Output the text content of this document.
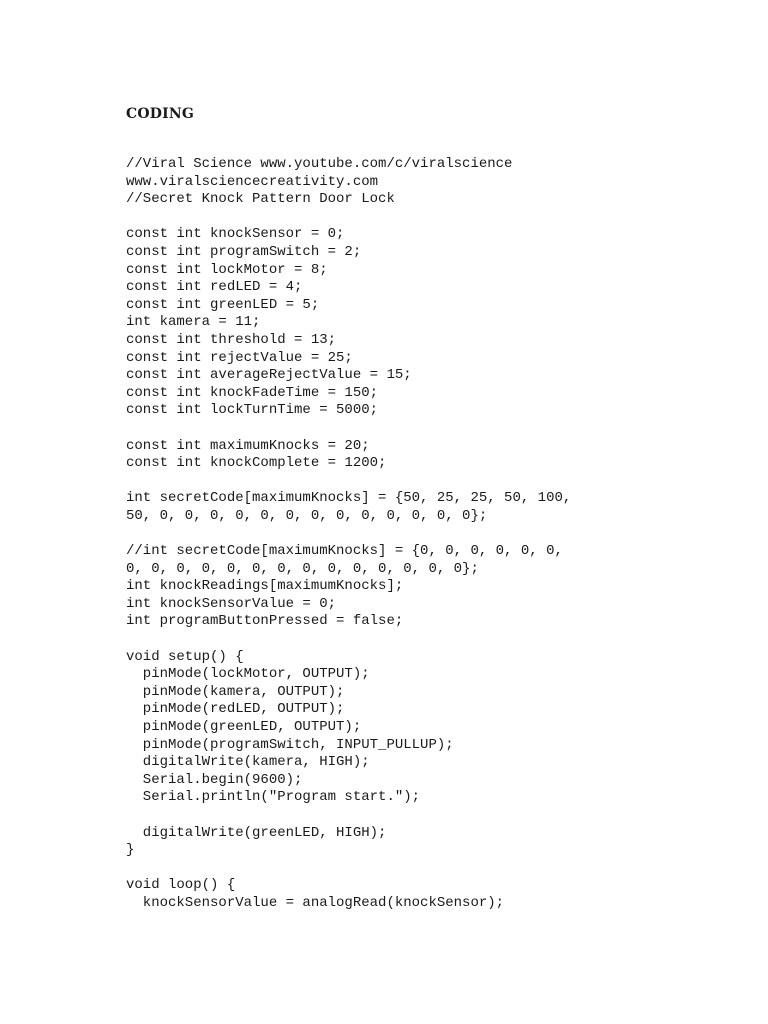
CODING
//Viral Science www.youtube.com/c/viralscience
www.viralsciencecreativity.com
//Secret Knock Pattern Door Lock
const int knockSensor = 0;
const int programSwitch = 2;
const int lockMotor = 8;
const int redLED = 4;
const int greenLED = 5;
int kamera = 11;
const int threshold = 13;
const int rejectValue = 25;
const int averageRejectValue = 15;
const int knockFadeTime = 150;
const int lockTurnTime = 5000;
const int maximumKnocks = 20;
const int knockComplete = 1200;
int secretCode[maximumKnocks] = {50, 25, 25, 50, 100,
50, 0, 0, 0, 0, 0, 0, 0, 0, 0, 0, 0, 0, 0};
//int secretCode[maximumKnocks] = {0, 0, 0, 0, 0, 0,
0, 0, 0, 0, 0, 0, 0, 0, 0, 0, 0, 0, 0, 0};
int knockReadings[maximumKnocks];
int knockSensorValue = 0;
int programButtonPressed = false;
void setup() {
pinMode(lockMotor, OUTPUT);
pinMode(kamera, OUTPUT);
pinMode(redLED, OUTPUT);
pinMode(greenLED, OUTPUT);
pinMode(programSwitch, INPUT_PULLUP);
digitalWrite(kamera, HIGH);
Serial.begin(9600);
Serial.println("Program start.");
digitalWrite(greenLED, HIGH);
}
void loop() {
knockSensorValue = analogRead(knockSensor);
